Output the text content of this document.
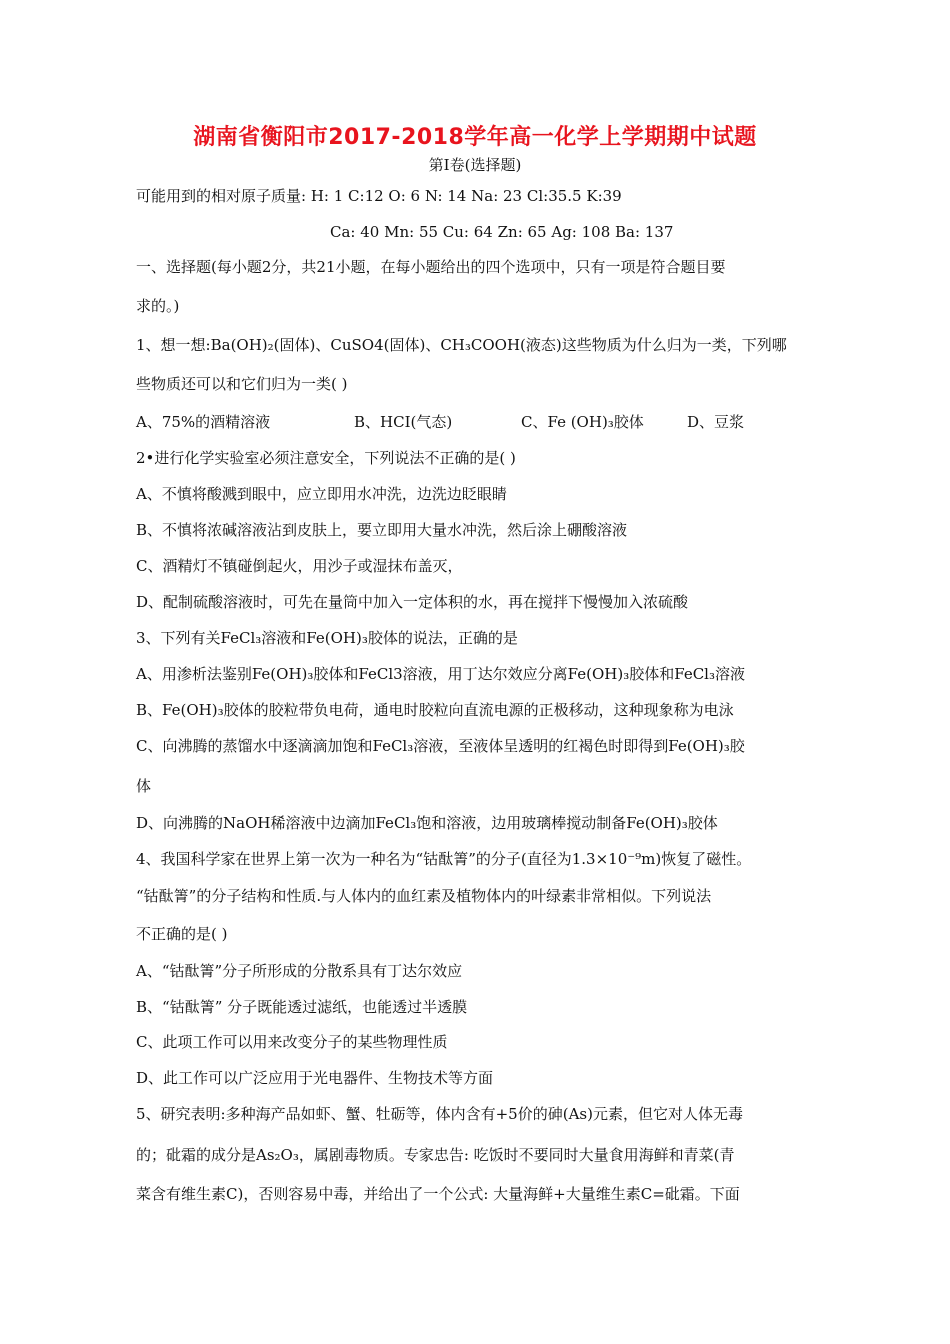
湖南省衡阳市2017-2018学年高一化学上学期期中试题
第Ⅰ卷(选择题)
可能用到的相对原子质量: H: 1 C:12 O: 6 N: 14 Na: 23 Cl:35.5 K:39
Ca: 40 Mn: 55 Cu: 64 Zn: 65 Ag: 108 Ba: 137
一、选择题(每小题2分，共21小题，在每小题给出的四个选项中，只有一项是符合题目要
求的。)
1、想一想:Ba(OH)₂(固体)、CuSO4(固体)、CH₃COOH(液态)这些物质为什么归为一类，下列哪
些物质还可以和它们归为一类( )
A、75%的酒精溶液	B、HCI(气态)	C、Fe (OH)₃胶体	D、豆浆
2•进行化学实验室必须注意安全，下列说法不正确的是( )
A、不慎将酸溅到眼中，应立即用水冲洗，边洗边眨眼睛
B、不慎将浓碱溶液沾到皮肤上，要立即用大量水冲洗，然后涂上硼酸溶液
C、酒精灯不镇碰倒起火，用沙子或湿抹布盖灭，
D、配制硫酸溶液时，可先在量筒中加入一定体积的水，再在搅拌下慢慢加入浓硫酸
3、下列有关FeCl₃溶液和Fe(OH)₃胶体的说法，正确的是
A、用渗析法鉴别Fe(OH)₃胶体和FeCl3溶液，用丁达尔效应分离Fe(OH)₃胶体和FeCl₃溶液
B、Fe(OH)₃胶体的胶粒带负电荷，通电时胶粒向直流电源的正极移动，这种现象称为电泳
C、向沸腾的蒸馏水中逐滴滴加饱和FeCl₃溶液，至液体呈透明的红褐色时即得到Fe(OH)₃胶
体
D、向沸腾的NaOH稀溶液中边滴加FeCl₃饱和溶液，边用玻璃棒搅动制备Fe(OH)₃胶体
4、我国科学家在世界上第一次为一种名为“钴酞箐”的分子(直径为1.3×10⁻⁹m)恢复了磁性。
“钴酞箐”的分子结构和性质.与人体内的血红素及植物体内的叶绿素非常相似。下列说法
不正确的是( )
A、“钴酞箐”分子所形成的分散系具有丁达尔效应
B、“钴酞箐” 分子既能透过滤纸，也能透过半透膜
C、此项工作可以用来改变分子的某些物理性质
D、此工作可以广泛应用于光电器件、生物技术等方面
5、研究表明:多种海产品如虾、蟹、牡砺等，体内含有+5价的砷(As)元素，但它对人体无毒
的；砒霜的成分是As₂O₃，属剧毒物质。专家忠告: 吃饭时不要同时大量食用海鲜和青菜(青
菜含有维生素C)，否则容易中毒，并给出了一个公式: 大量海鲜+大量维生素C=砒霜。下面
